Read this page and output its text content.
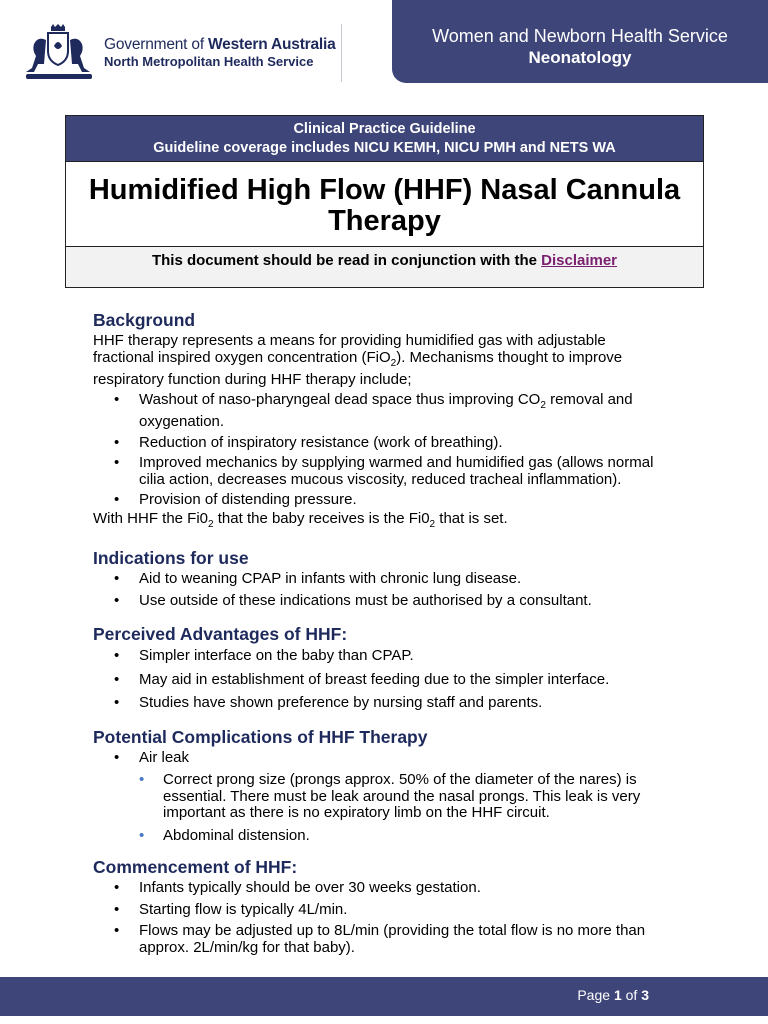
Government of Western Australia
North Metropolitan Health Service
Women and Newborn Health Service
Neonatology
Clinical Practice Guideline
Guideline coverage includes NICU KEMH, NICU PMH and NETS WA
Humidified High Flow (HHF) Nasal Cannula
Therapy
This document should be read in conjunction with the Disclaimer
Background

HHF therapy represents a means for providing humidified gas with adjustable
fractional inspired oxygen concentration (FiO$_2$). Mechanisms thought to improve
respiratory function during HHF therapy include;

• Washout of naso-pharyngeal dead space thus improving $CO_2$ removal and oxygenation.
• Reduction of inspiratory resistance (work of breathing).
• Improved mechanics by supplying warmed and humidified gas (allows normal cilia action, decreases mucous viscosity, reduced tracheal inflammation).
• Provision of distending pressure.

With HHF the $Fi0_2$ that the baby receives is the $Fi0_2$ that is set.

Indications for use
• Aid to weaning CPAP in infants with chronic lung disease.
• Use outside of these indications must be authorised by a consultant.
Perceived Advantages of HHF:
• Simpler interface on the baby than CPAP.
• May aid in establishment of breast feeding due to the simpler interface.
• Studies have shown preference by nursing staff and parents.
Potential Complications of HHF Therapy
• Air leak
• Correct prong size (prongs approx. 50% of the diameter of the nares) is essential. There must be leak around the nasal prongs. This leak is very important as there is no expiratory limb on the HHF circuit.
• Abdominal distension.
Commencement of HHF:
• Infants typically should be over 30 weeks gestation.
• Starting flow is typically 4L/min.
• Flows may be adjusted up to 8L/min (providing the total flow is no more than approx. 2L/min/kg for that baby).
Page 1 of 3
